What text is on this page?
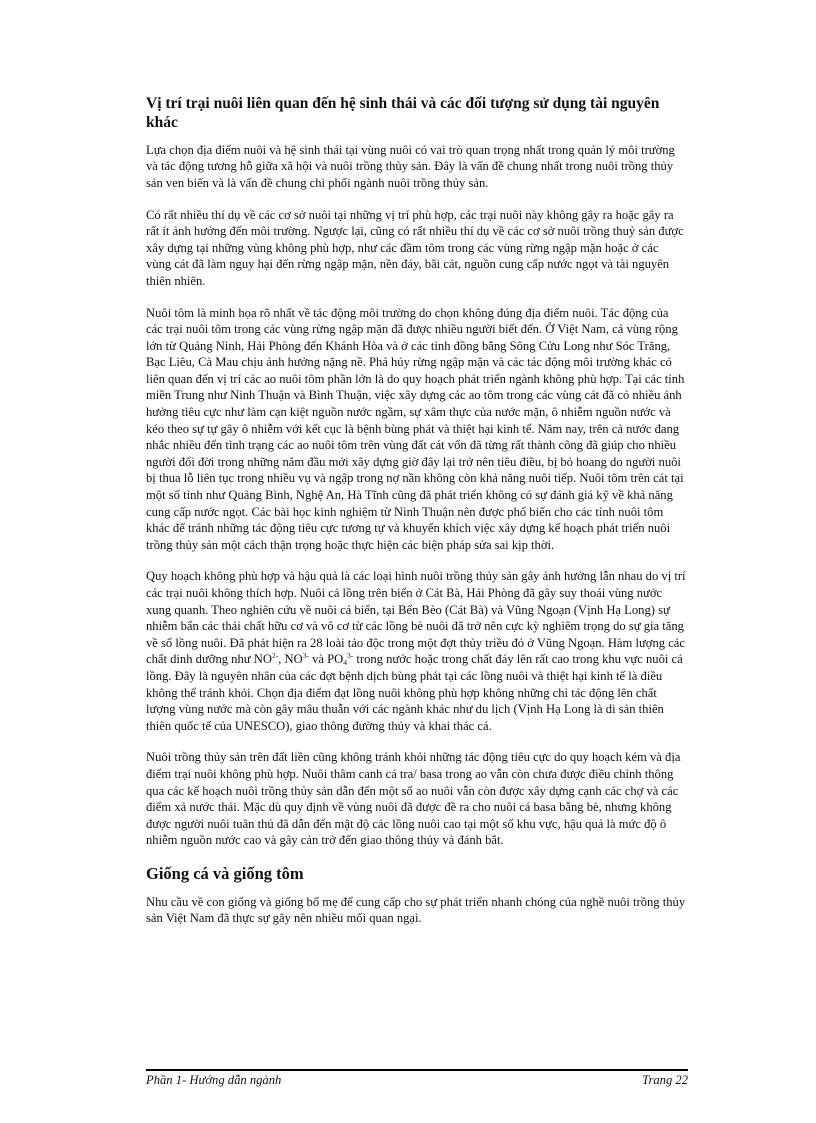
Vị trí trại nuôi liên quan đến hệ sinh thái và các đối tượng sử dụng tài nguyên khác

Lựa chọn địa điểm nuôi và hệ sinh thái tại vùng nuôi có vai trò quan trọng nhất trong quản lý môi trường và tác động tương hỗ giữa xã hội và nuôi trồng thủy sản. Đây là vấn đề chung nhất trong nuôi trồng thủy sản ven biển và là vấn đề chung chi phối ngành nuôi trồng thủy sản.

Có rất nhiều thí dụ về các cơ sở nuôi tại những vị trí phù hợp, các trại nuôi này không gây ra hoặc gây ra rất ít ảnh hưởng đến môi trường. Ngược lại, cũng có rất nhiều thí dụ về các cơ sở nuôi trồng thuỷ sản được xây dựng tại những vùng không phù hợp, như các đầm tôm trong các vùng rừng ngập mặn hoặc ở các vùng cát đã làm nguy hại đến rừng ngập mặn, nền đáy, bãi cát, nguồn cung cấp nước ngọt và tài nguyên thiên nhiên.

Nuôi tôm là minh họa rõ nhất về tác động môi trường do chọn không đúng địa điểm nuôi. Tác động của các trại nuôi tôm trong các vùng rừng ngập mặn đã được nhiều người biết đến. Ở Việt Nam, cả vùng rộng lớn từ Quảng Ninh, Hải Phòng đến Khánh Hòa và ở các tỉnh đồng bằng Sông Cửu Long như Sóc Trăng, Bạc Liêu, Cà Mau chịu ảnh hưởng nặng nề. Phá hủy rừng ngập mặn và các tác động môi trường khác có liên quan đến vị trí các ao nuôi tôm phần lớn là do quy hoạch phát triển ngành không phù hợp. Tại các tỉnh miền Trung như Ninh Thuận và Bình Thuận, việc xây dựng các ao tôm trong các vùng cát đã có nhiều ảnh hưởng tiêu cực như làm cạn kiệt nguồn nước ngầm, sự xâm thực của nước mặn, ô nhiễm nguồn nước và kéo theo sự tự gây ô nhiễm với kết cục là bệnh bùng phát và thiệt hại kinh tế. Năm nay, trên cả nước đang nhắc nhiều đến tình trạng các ao nuôi tôm trên vùng đất cát vốn đã từng rất thành công đã giúp cho nhiều người đổi đời trong những năm đầu mới xây dựng giờ đây lại trở nên tiêu điều, bị bỏ hoang do người nuôi bị thua lỗ liên tục trong nhiều vụ và ngập trong nợ nần không còn khả năng nuôi tiếp. Nuôi tôm trên cát tại một số tỉnh như Quảng Bình, Nghệ An, Hà Tĩnh cũng đã phát triển không có sự đánh giá kỹ về khả năng cung cấp nước ngọt. Các bài học kinh nghiệm từ Ninh Thuận nên được phổ biến cho các tỉnh nuôi tôm khác để tránh những tác động tiêu cực tương tự và khuyến khích việc xây dựng kế hoạch phát triển nuôi trồng thủy sản một cách thận trọng hoặc thực hiện các biện pháp sửa sai kịp thời.

Quy hoạch không phù hợp và hậu quả là các loại hình nuôi trồng thủy sản gây ảnh hưởng lẫn nhau do vị trí các trại nuôi không thích hợp. Nuôi cá lồng trên biển ở Cát Bà, Hải Phòng đã gây suy thoái vùng nước xung quanh. Theo nghiên cứu về nuôi cá biển, tại Bến Bèo (Cát Bà) và Vũng Ngoạn (Vịnh Hạ Long) sự nhiễm bẩn các thải chất hữu cơ và vô cơ từ các lồng bè nuôi đã trở nên cực kỳ nghiêm trọng do sự gia tăng về số lồng nuôi. Đã phát hiện ra 28 loài tảo độc trong một đợt thủy triều đỏ ở Vũng Ngoạn. Hàm lượng các chất dinh dưỡng như $NO^{2-}$, $NO^{3-}$ và $PO_4^{3-}$ trong nước hoặc trong chất đáy lên rất cao trong khu vực nuôi cá lồng. Đây là nguyên nhân của các đợt bệnh dịch bùng phát tại các lồng nuôi và thiệt hại kinh tế là điều không thể tránh khỏi. Chọn địa điểm đạt lồng nuôi không phù hợp không những chỉ tác động lên chất lượng vùng nước mà còn gây mâu thuẫn với các ngành khác như du lịch (Vịnh Hạ Long là di sản thiên thiên quốc tế của UNESCO), giao thông đường thủy và khai thác cá.

Nuôi trồng thủy sản trên đất liền cũng không tránh khỏi những tác động tiêu cực do quy hoạch kém và địa điểm trại nuôi không phù hợp. Nuôi thâm canh cá tra/ basa trong ao vẫn còn chưa được điều chỉnh thông qua các kế hoạch nuôi trồng thủy sản dẫn đến một số ao nuôi vẫn còn được xây dựng cạnh các chợ và các điểm xả nước thải. Mặc dù quy định về vùng nuôi đã được đề ra cho nuôi cá basa bằng bè, nhưng không được người nuôi tuân thủ đã dẫn đến mật độ các lồng nuôi cao tại một số khu vực, hậu quả là mức độ ô nhiễm nguồn nước cao và gây cản trở đến giao thông thủy và đánh bắt.

Giống cá và giống tôm

Nhu cầu về con giống và giống bố mẹ để cung cấp cho sự phát triển nhanh chóng của nghề nuôi trồng thủy sản Việt Nam đã thực sự gây nên nhiều mối quan ngại.

Phần 1- Hướng dẫn ngành	Trang 22
